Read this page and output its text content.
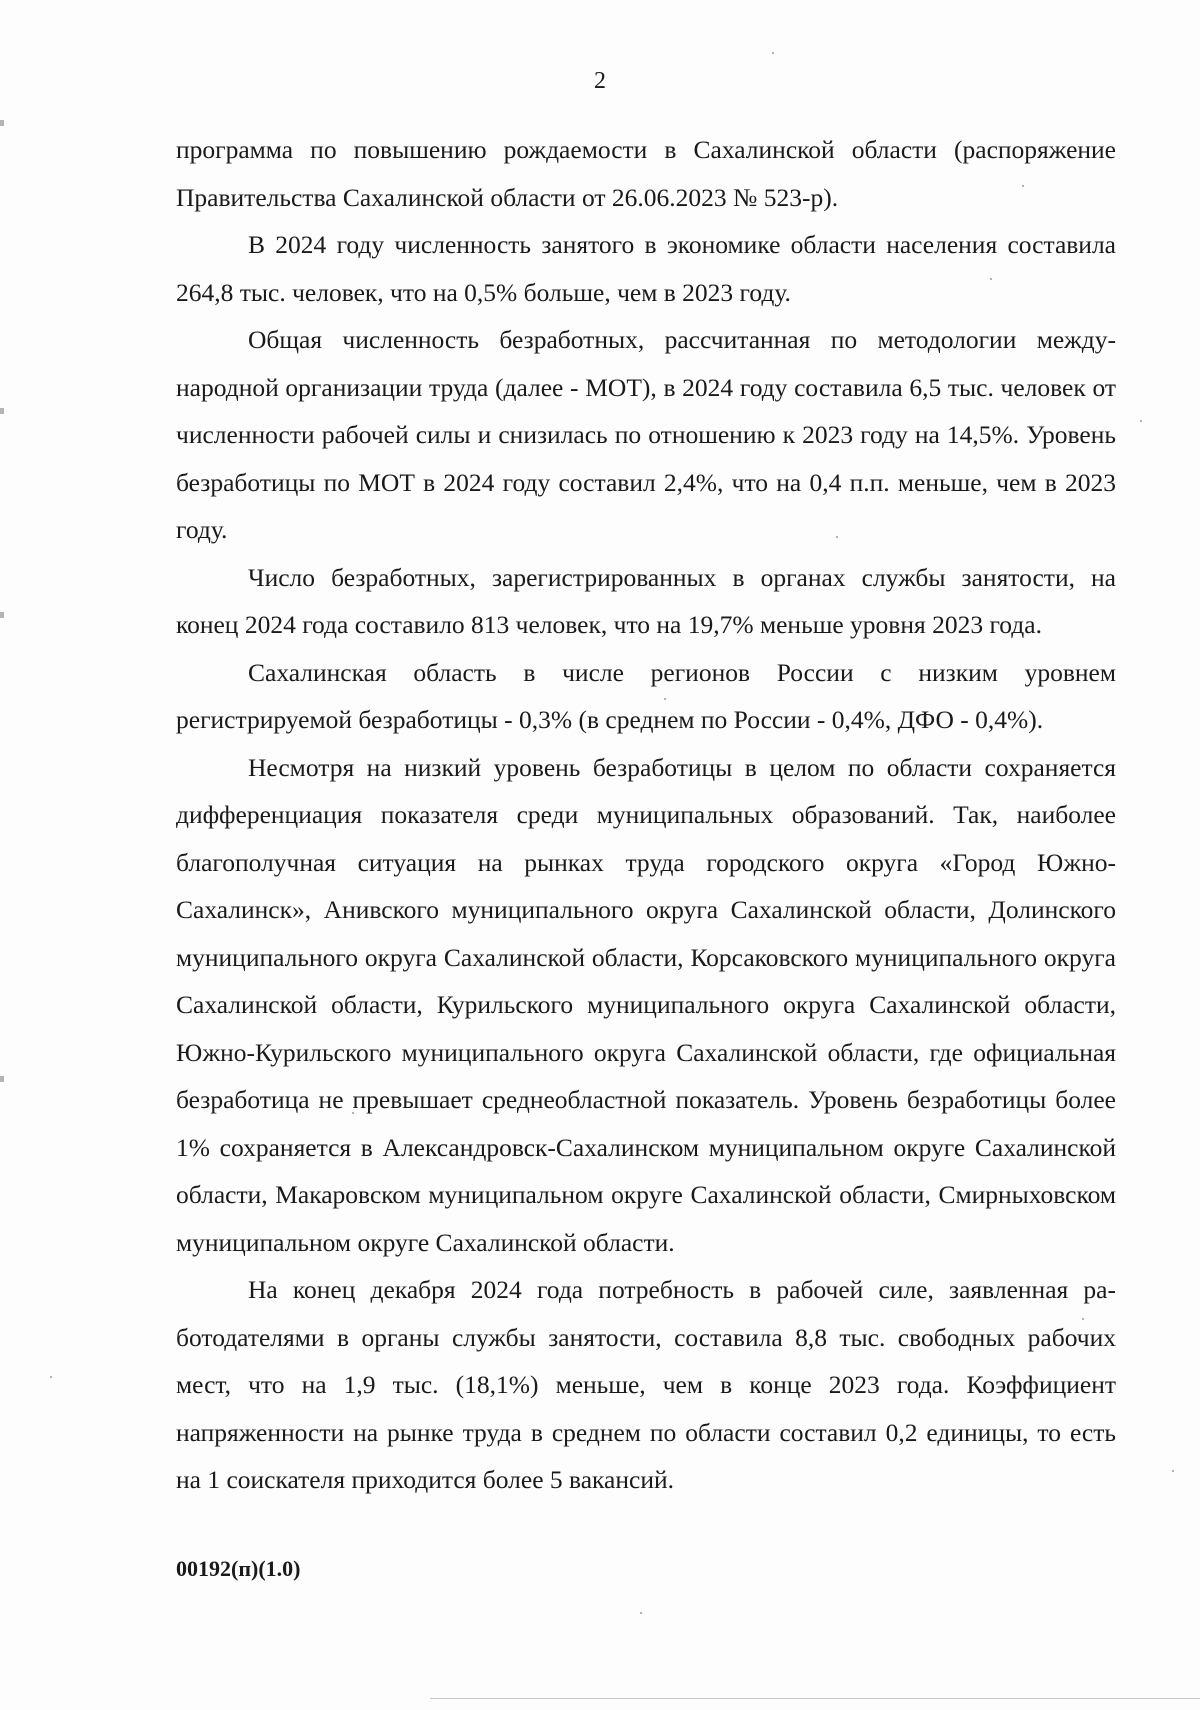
2

программа по повышению рождаемости в Сахалинской области (распоряжение Правительства Сахалинской области от 26.06.2023 № 523-р).

В 2024 году численность занятого в экономике области населения составила 264,8 тыс. человек, что на 0,5% больше, чем в 2023 году.

Общая численность безработных, рассчитанная по методологии международной организации труда (далее - МОТ), в 2024 году составила 6,5 тыс. человек от численности рабочей силы и снизилась по отношению к 2023 году на 14,5%. Уровень безработицы по МОТ в 2024 году составил 2,4%, что на 0,4 п.п. меньше, чем в 2023 году.

Число безработных, зарегистрированных в органах службы занятости, на конец 2024 года составило 813 человек, что на 19,7% меньше уровня 2023 года.

Сахалинская область в числе регионов России с низким уровнем регистрируемой безработицы - 0,3% (в среднем по России - 0,4%, ДФО - 0,4%).

Несмотря на низкий уровень безработицы в целом по области сохраняется дифференциация показателя среди муниципальных образований. Так, наиболее благополучная ситуация на рынках труда городского округа «Город Южно-Сахалинск», Анивского муниципального округа Сахалинской области, Долинского муниципального округа Сахалинской области, Корсаковского муниципального округа Сахалинской области, Курильского муниципального округа Сахалинской области, Южно-Курильского муниципального округа Сахалинской области, где официальная безработица не превышает среднеобластной показатель. Уровень безработицы более 1% сохраняется в Александровск-Сахалинском муниципальном округе Сахалинской области, Макаровском муниципальном округе Сахалинской области, Смирныховском муниципальном округе Сахалинской области.

На конец декабря 2024 года потребность в рабочей силе, заявленная работодателями в органы службы занятости, составила 8,8 тыс. свободных рабочих мест, что на 1,9 тыс. (18,1%) меньше, чем в конце 2023 года. Коэффициент напряженности на рынке труда в среднем по области составил 0,2 единицы, то есть на 1 соискателя приходится более 5 вакансий.

00192(п)(1.0)
